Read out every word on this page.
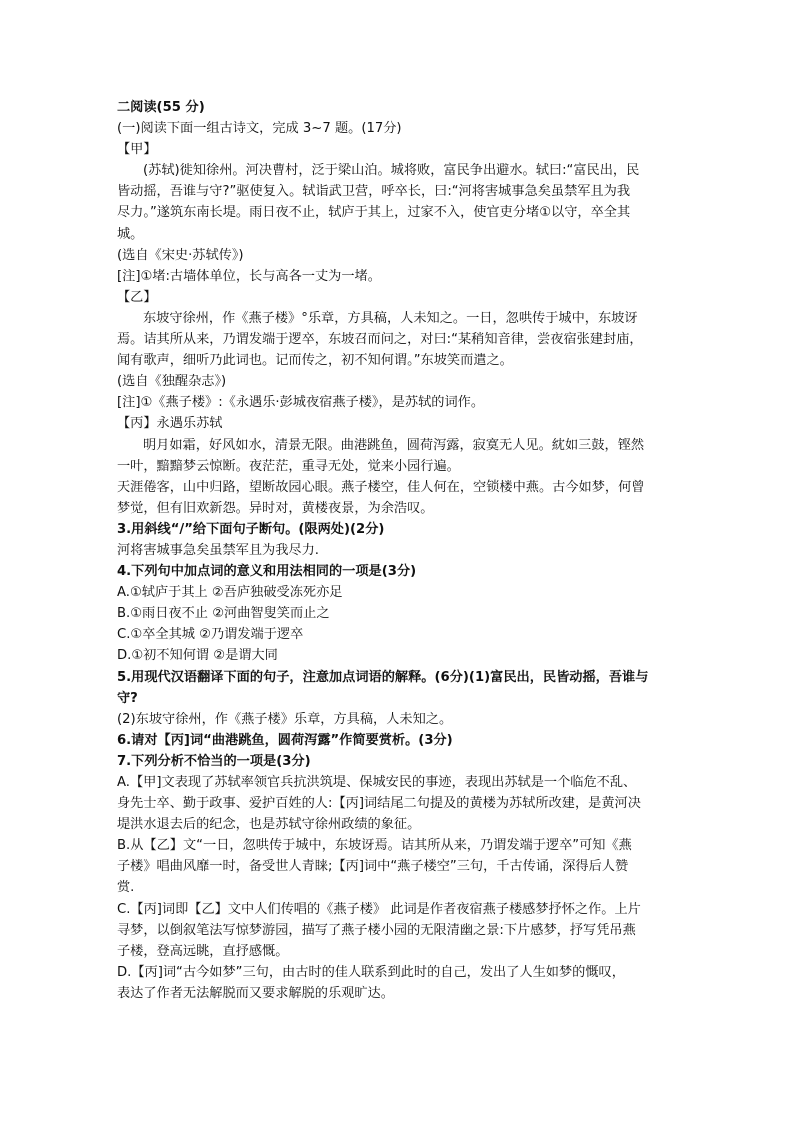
二阅读(55 分)
(一)阅读下面一组古诗文，完成 3~7 题。(17分)
【甲】
(苏轼)徙知徐州。河决曹村，泛于梁山泊。城将败，富民争出避水。轼曰:“富民出，民
皆动摇，吾谁与守?”驱使复入。轼诣武卫营，呼卒长，曰:“河将害城事急矣虽禁军且为我
尽力。”遂筑东南长堤。雨日夜不止，轼庐于其上，过家不入，使官吏分堵①以守，卒全其
城。
(选自《宋史·苏轼传》)
[注]①堵:古墙体单位，长与高各一丈为一堵。
【乙】
东坡守徐州，作《燕子楼》°乐章，方具稿，人未知之。一日，忽哄传于城中，东坡讶
焉。诘其所从来，乃谓发端于逻卒，东坡召而问之，对曰:“某稍知音律，尝夜宿张建封庙，
闻有歌声，细听乃此词也。记而传之，初不知何谓。”东坡笑而遣之。
(选自《独醒杂志》)
[注]①《燕子楼》:《永遇乐·彭城夜宿燕子楼》，是苏轼的词作。
【丙】永遇乐苏轼
明月如霜，好风如水，清景无限。曲港跳鱼，圆荷泻露，寂寞无人见。紞如三鼓，铿然
一叶，黯黯梦云惊断。夜茫茫，重寻无处，觉来小园行遍。
天涯倦客，山中归路，望断故园心眼。燕子楼空，佳人何在，空锁楼中燕。古今如梦，何曾
梦觉，但有旧欢新怨。异时对，黄楼夜景，为余浩叹。
3.用斜线“/”给下面句子断句。(限两处)(2分)
河将害城事急矣虽禁军且为我尽力.
4.下列句中加点词的意义和用法相同的一项是(3分)
A.①轼庐于其上 ②吾庐独破受冻死亦足
B.①雨日夜不止 ②河曲智叟笑而止之
C.①卒全其城 ②乃谓发端于逻卒
D.①初不知何谓 ②是谓大同
5.用现代汉语翻译下面的句子，注意加点词语的解释。(6分)(1)富民出，民皆动摇，吾谁与
守?
(2)东坡守徐州，作《燕子楼》乐章，方具稿，人未知之。
6.请对【丙]词“曲港跳鱼，圆荷泻露”作简要赏析。(3分)
7.下列分析不恰当的一项是(3分)
A.【甲]文表现了苏轼率领官兵抗洪筑堤、保城安民的事迹，表现出苏轼是一个临危不乱、
身先士卒、勤于政事、爱护百姓的人:【丙]词结尾二句提及的黄楼为苏轼所改建，是黄河决
堤洪水退去后的纪念，也是苏轼守徐州政绩的象征。
B.从【乙】文“一日，忽哄传于城中，东坡讶焉。诘其所从来，乃谓发端于逻卒”可知《燕
子楼》唱曲风靡一时，备受世人青睐;【丙]词中“燕子楼空”三句，千古传诵，深得后人赞
赏.
C.【丙]词即【乙】文中人们传唱的《燕子楼》 此词是作者夜宿燕子楼感梦抒怀之作。上片
寻梦，以倒叙笔法写惊梦游园，描写了燕子楼小园的无限清幽之景:下片感梦，抒写凭吊燕
子楼，登高远眺，直抒感慨。
D.【丙]词“古今如梦”三句，由古时的佳人联系到此时的自己，发出了人生如梦的慨叹，
表达了作者无法解脱而又要求解脱的乐观旷达。
